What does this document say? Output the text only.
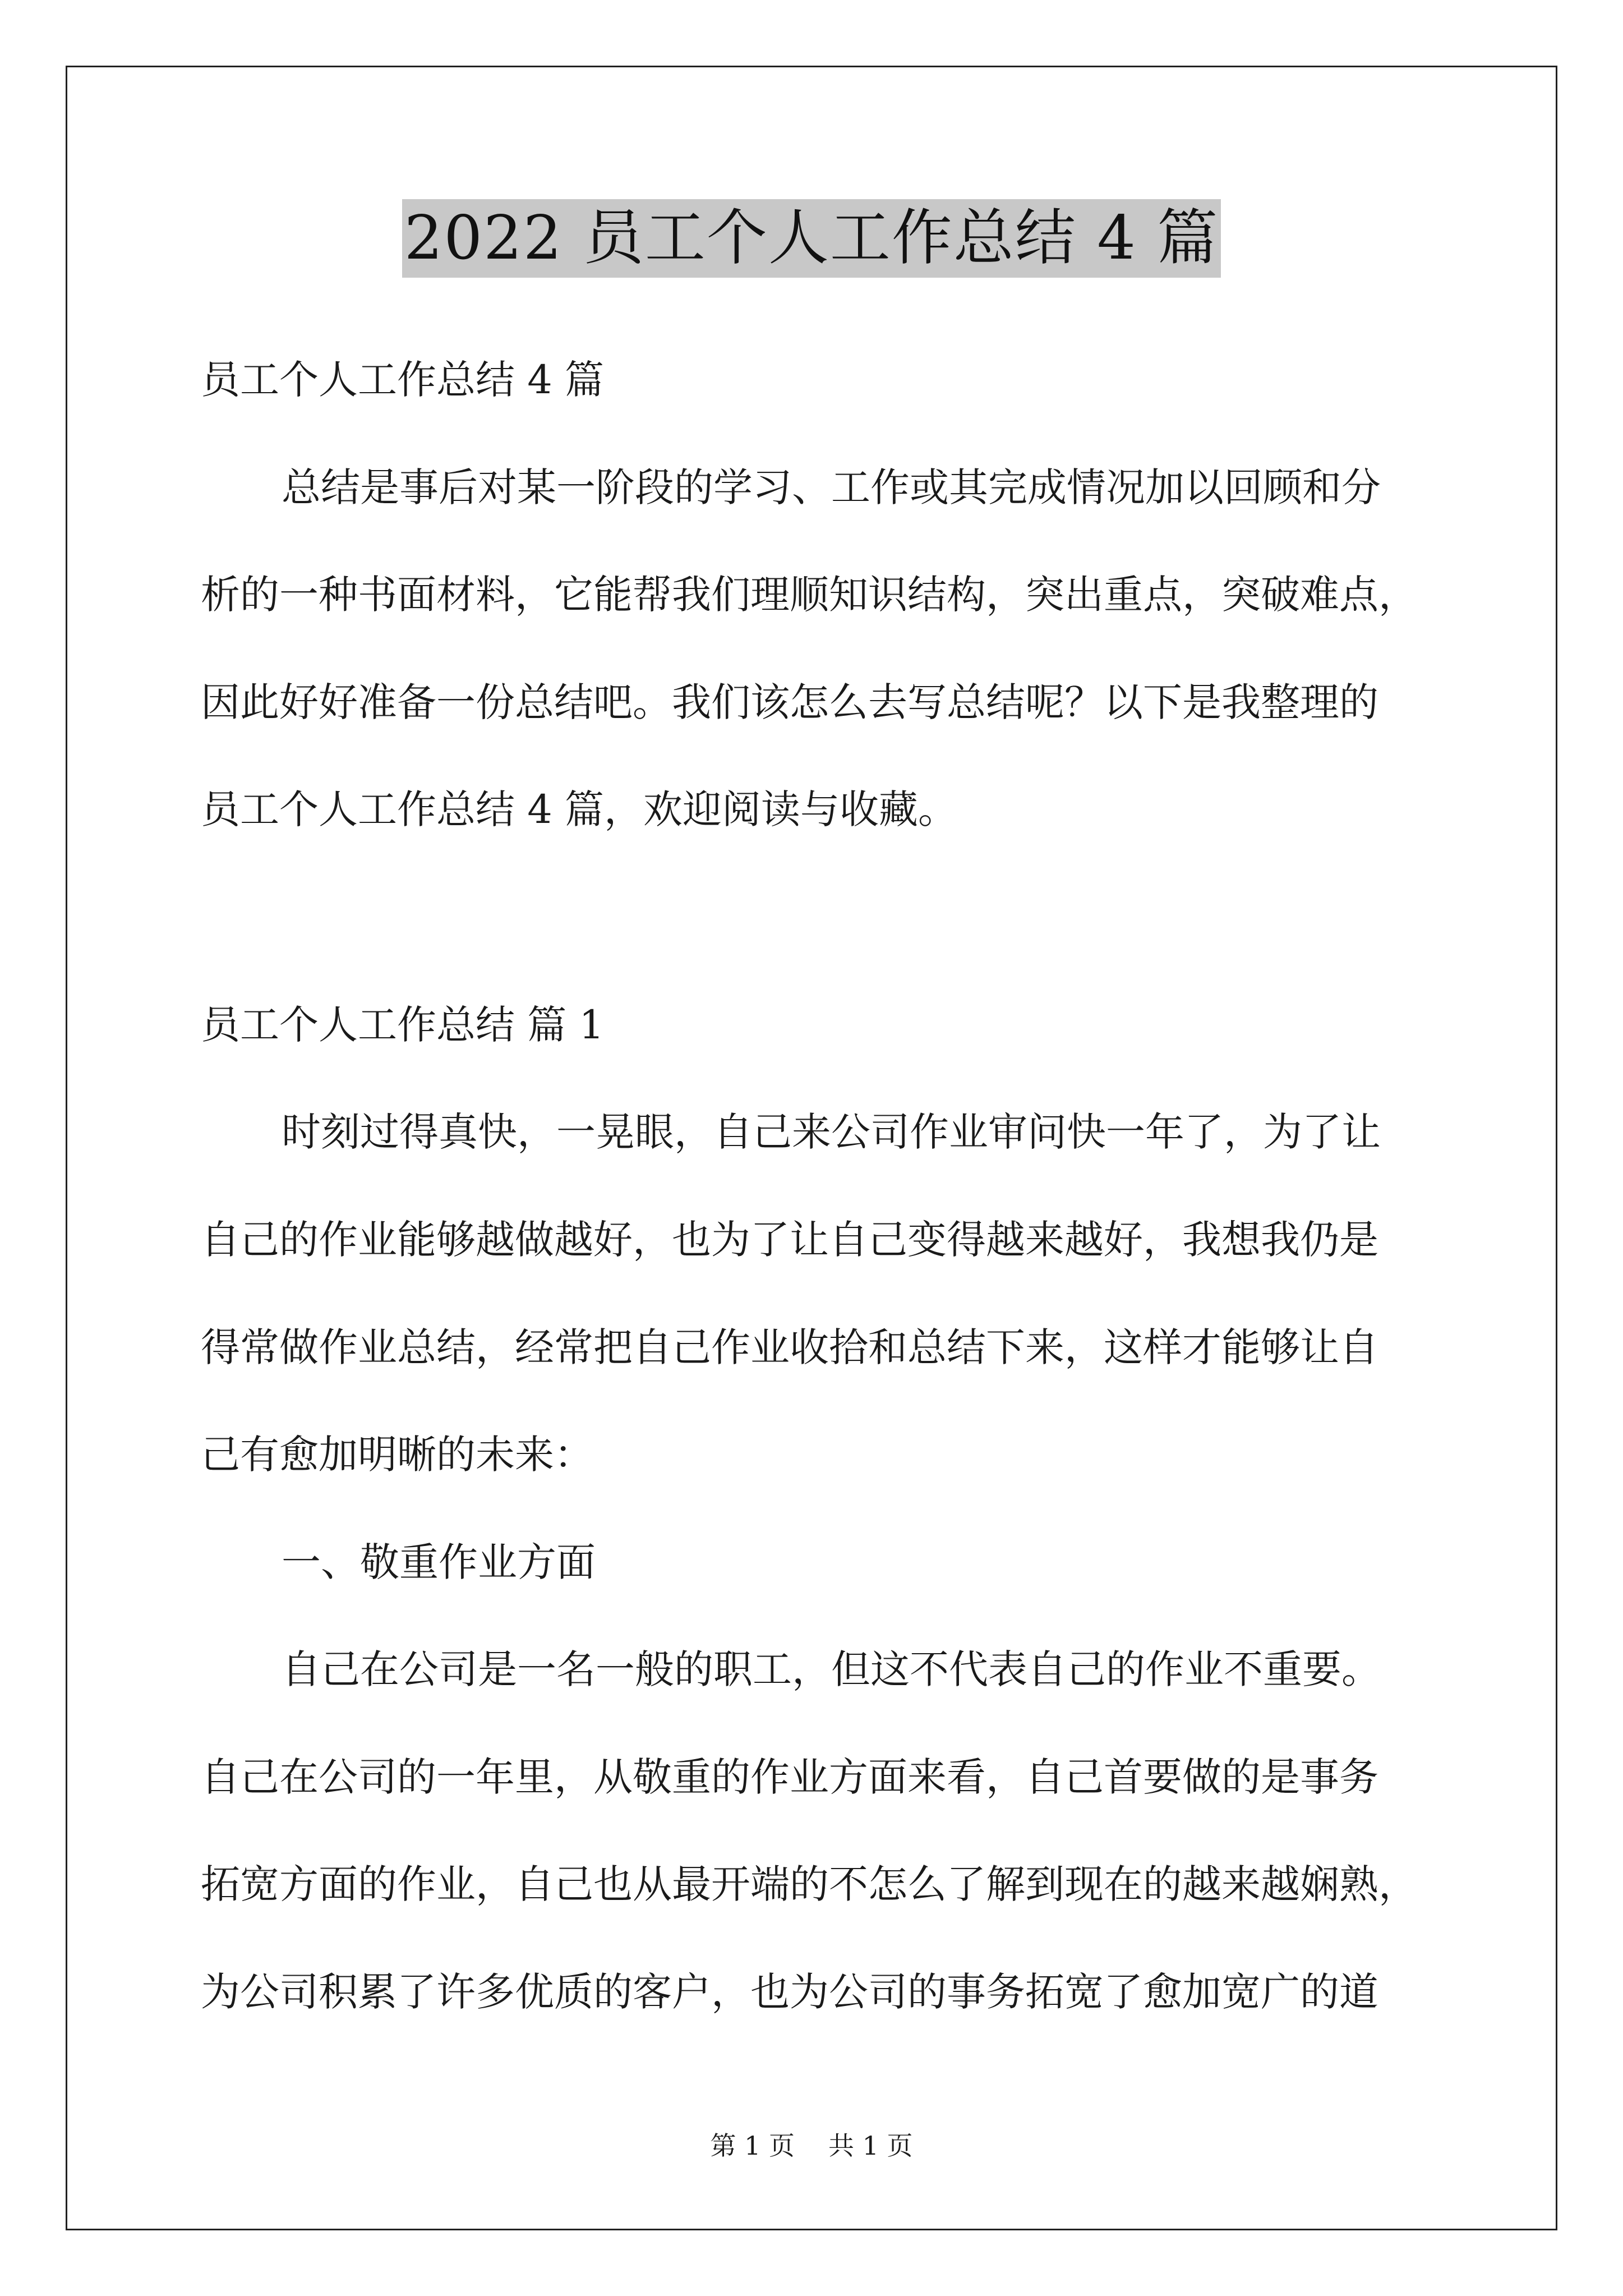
2022 员工个人工作总结 4 篇

员工个人工作总结 4 篇

总结是事后对某一阶段的学习、工作或其完成情况加以回顾和分

析的一种书面材料，它能帮我们理顺知识结构，突出重点，突破难点，

因此好好准备一份总结吧。我们该怎么去写总结呢？以下是我整理的

员工个人工作总结 4 篇，欢迎阅读与收藏。

员工个人工作总结 篇 1

时刻过得真快，一晃眼，自己来公司作业审问快一年了，为了让

自己的作业能够越做越好，也为了让自己变得越来越好，我想我仍是

得常做作业总结，经常把自己作业收拾和总结下来，这样才能够让自

己有愈加明晰的未来：

一、敬重作业方面

自己在公司是一名一般的职工，但这不代表自己的作业不重要。

自己在公司的一年里，从敬重的作业方面来看，自己首要做的是事务

拓宽方面的作业，自己也从最开端的不怎么了解到现在的越来越娴熟，

为公司积累了许多优质的客户，也为公司的事务拓宽了愈加宽广的道

第 1 页 共 1 页
